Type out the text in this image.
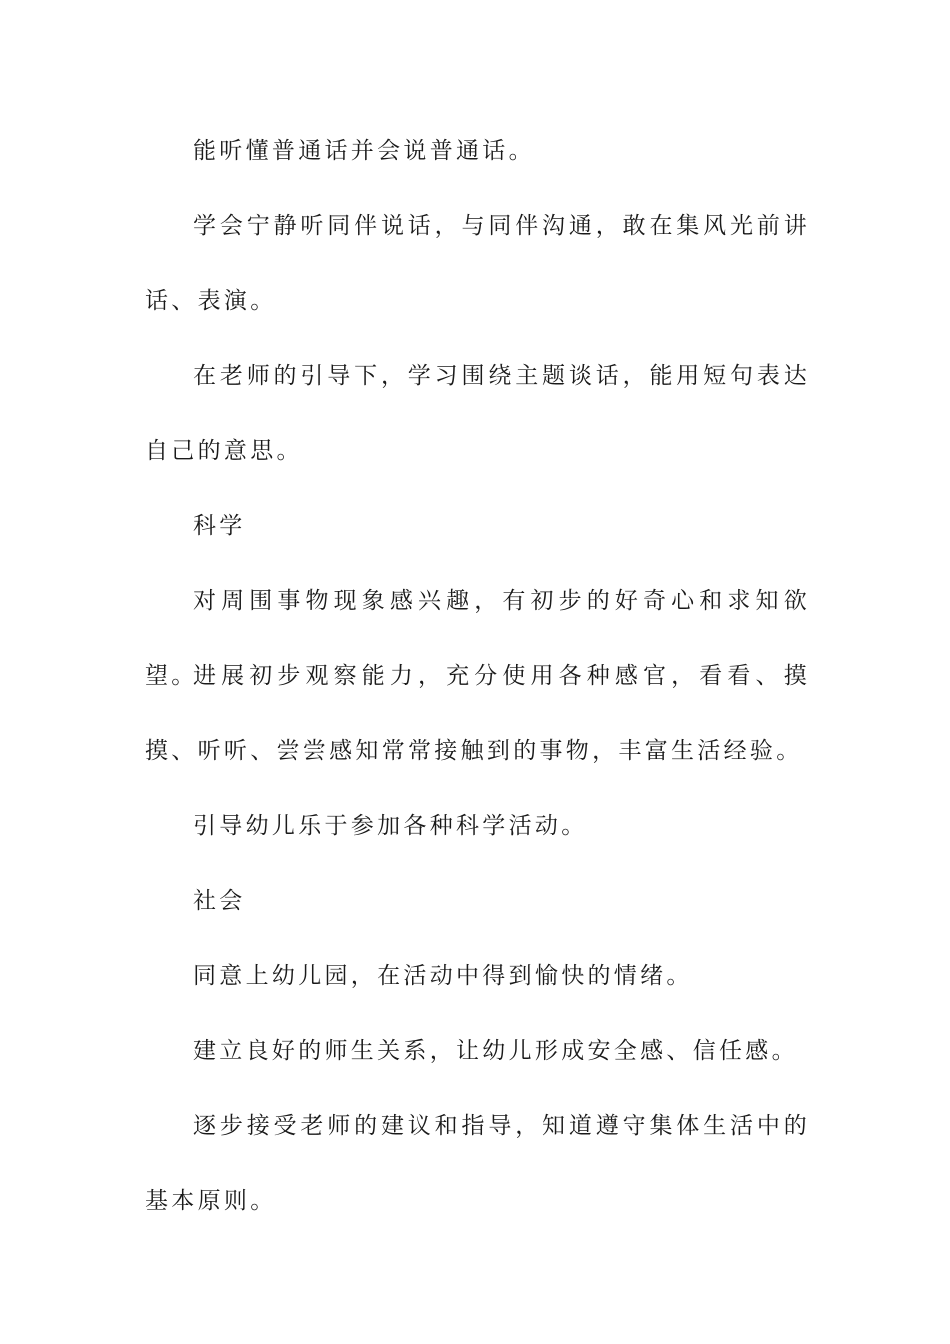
能听懂普通话并会说普通话。

学会宁静听同伴说话，与同伴沟通，敢在集风光前讲话、表演。

在老师的引导下，学习围绕主题谈话，能用短句表达自己的意思。

科学

对周围事物现象感兴趣，有初步的好奇心和求知欲望。

进展初步观察能力，充分使用各种感官，看看、摸摸、听听、尝尝感知常常接触到的事物，丰富生活经验。

引导幼儿乐于参加各种科学活动。

社会

同意上幼儿园，在活动中得到愉快的情绪。

建立良好的师生关系，让幼儿形成安全感、信任感。

逐步接受老师的建议和指导，知道遵守集体生活中的基本原则。
